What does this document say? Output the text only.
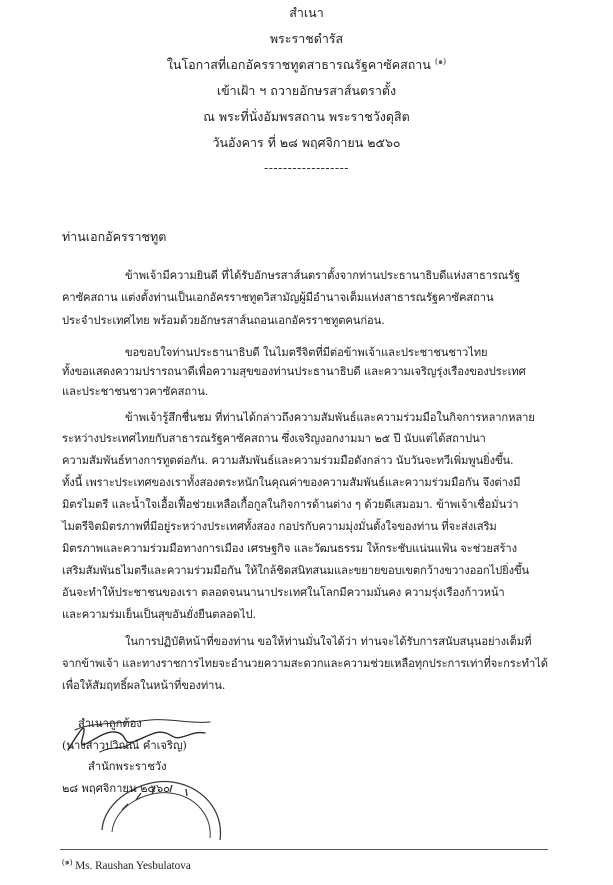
สำเนา
พระราชดำรัส
ในโอกาสที่เอกอัครราชทูตสาธารณรัฐคาซัคสถาน $^{(๑)}$
เข้าเฝ้า ฯ ถวายอักษรสาส์นตราตั้ง
ณ พระที่นั่งอัมพรสถาน พระราชวังดุสิต
วันอังคาร ที่ ๒๘ พฤศจิกายน ๒๕๖๐
------------------
ท่านเอกอัครราชทูต
ข้าพเจ้ามีความยินดี ที่ได้รับอักษรสาส์นตราตั้งจากท่านประธานาธิบดีแห่งสาธารณรัฐ
คาซัคสถาน แต่งตั้งท่านเป็นเอกอัครราชทูตวิสามัญผู้มีอำนาจเต็มแห่งสาธารณรัฐคาซัคสถาน
ประจำประเทศไทย พร้อมด้วยอักษรสาส์นถอนเอกอัครราชทูตคนก่อน.
ขอขอบใจท่านประธานาธิบดี ในไมตรีจิตที่มีต่อข้าพเจ้าและประชาชนชาวไทย
ทั้งขอแสดงความปรารถนาดีเพื่อความสุขของท่านประธานาธิบดี และความเจริญรุ่งเรืองของประเทศ
และประชาชนชาวคาซัคสถาน.
ข้าพเจ้ารู้สึกชื่นชม ที่ท่านได้กล่าวถึงความสัมพันธ์และความร่วมมือในกิจการหลากหลาย
ระหว่างประเทศไทยกับสาธารณรัฐคาซัคสถาน ซึ่งเจริญงอกงามมา ๒๕ ปี นับแต่ได้สถาปนา
ความสัมพันธ์ทางการทูตต่อกัน. ความสัมพันธ์และความร่วมมือดังกล่าว นับวันจะทวีเพิ่มพูนยิ่งขึ้น.
ทั้งนี้ เพราะประเทศของเราทั้งสองตระหนักในคุณค่าของความสัมพันธ์และความร่วมมือกัน จึงต่างมี
มิตรไมตรี และน้ำใจเอื้อเฟื้อช่วยเหลือเกื้อกูลในกิจการด้านต่าง ๆ ด้วยดีเสมอมา. ข้าพเจ้าเชื่อมั่นว่า
ไมตรีจิตมิตรภาพที่มีอยู่ระหว่างประเทศทั้งสอง กอปรกับความมุ่งมั่นตั้งใจของท่าน ที่จะส่งเสริม
มิตรภาพและความร่วมมือทางการเมือง เศรษฐกิจ และวัฒนธรรม ให้กระชับแน่นแฟ้น จะช่วยสร้าง
เสริมสัมพันธไมตรีและความร่วมมือกัน ให้ใกล้ชิดสนิทสนมและขยายขอบเขตกว้างขวางออกไปยิ่งขึ้น
อันจะทำให้ประชาชนของเรา ตลอดจนนานาประเทศในโลกมีความมั่นคง ความรุ่งเรืองก้าวหน้า
และความร่มเย็นเป็นสุขอันยั่งยืนตลอดไป.
ในการปฏิบัติหน้าที่ของท่าน ขอให้ท่านมั่นใจได้ว่า ท่านจะได้รับการสนับสนุนอย่างเต็มที่
จากข้าพเจ้า และทางราชการไทยจะอำนวยความสะดวกและความช่วยเหลือทุกประการเท่าที่จะกระทำได้
เพื่อให้สัมฤทธิ์ผลในหน้าที่ของท่าน.
สำเนาถูกต้อง
(นางสาวปวิณณ์ คำเจริญ)
สำนักพระราชวัง
๒๘ พฤศจิกายน ๒๕๖๐
$^{(๑)}$ Ms. Raushan Yesbulatova
